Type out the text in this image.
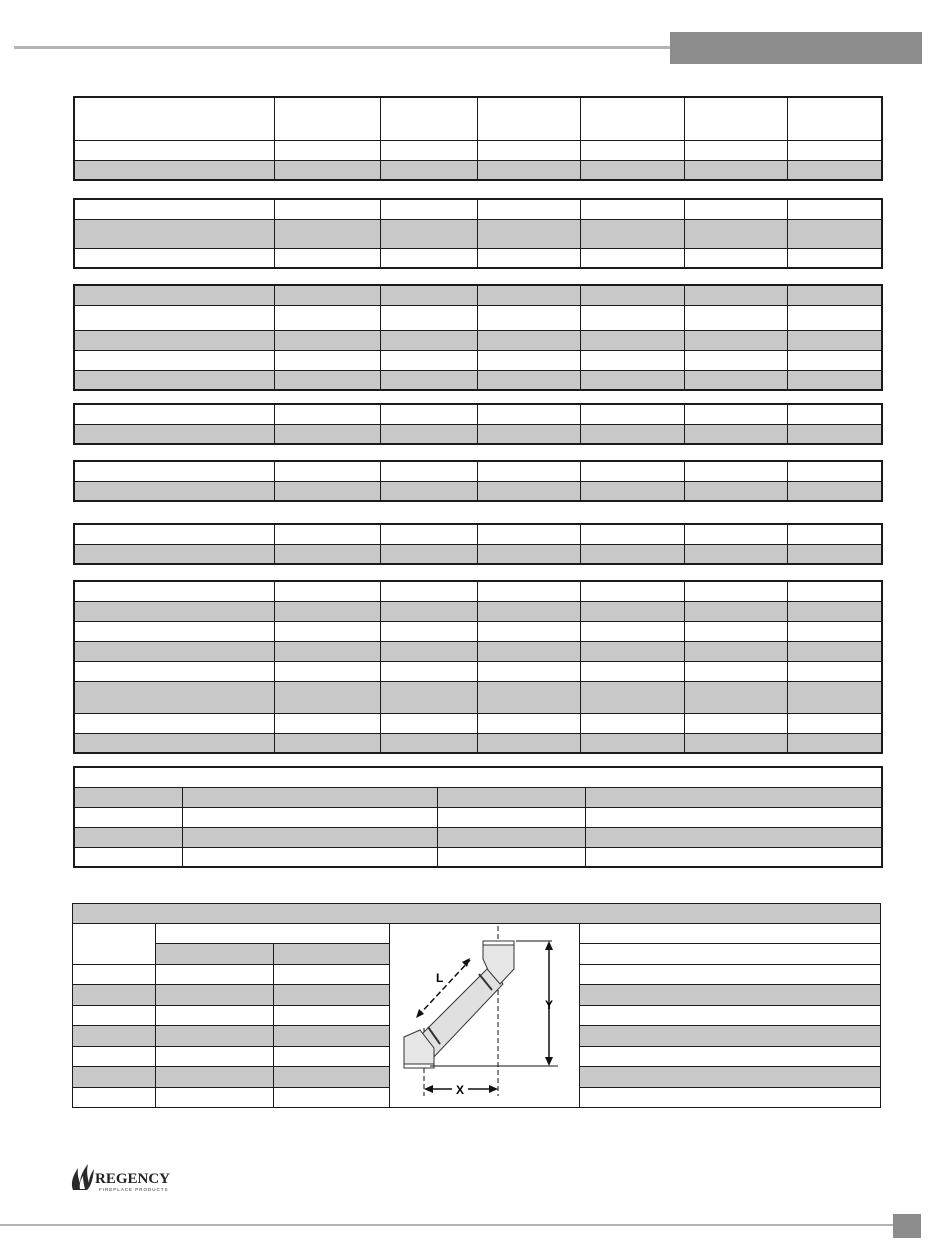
L
Y
X	

REGENCY
FIREPLACE PRODUCTS
